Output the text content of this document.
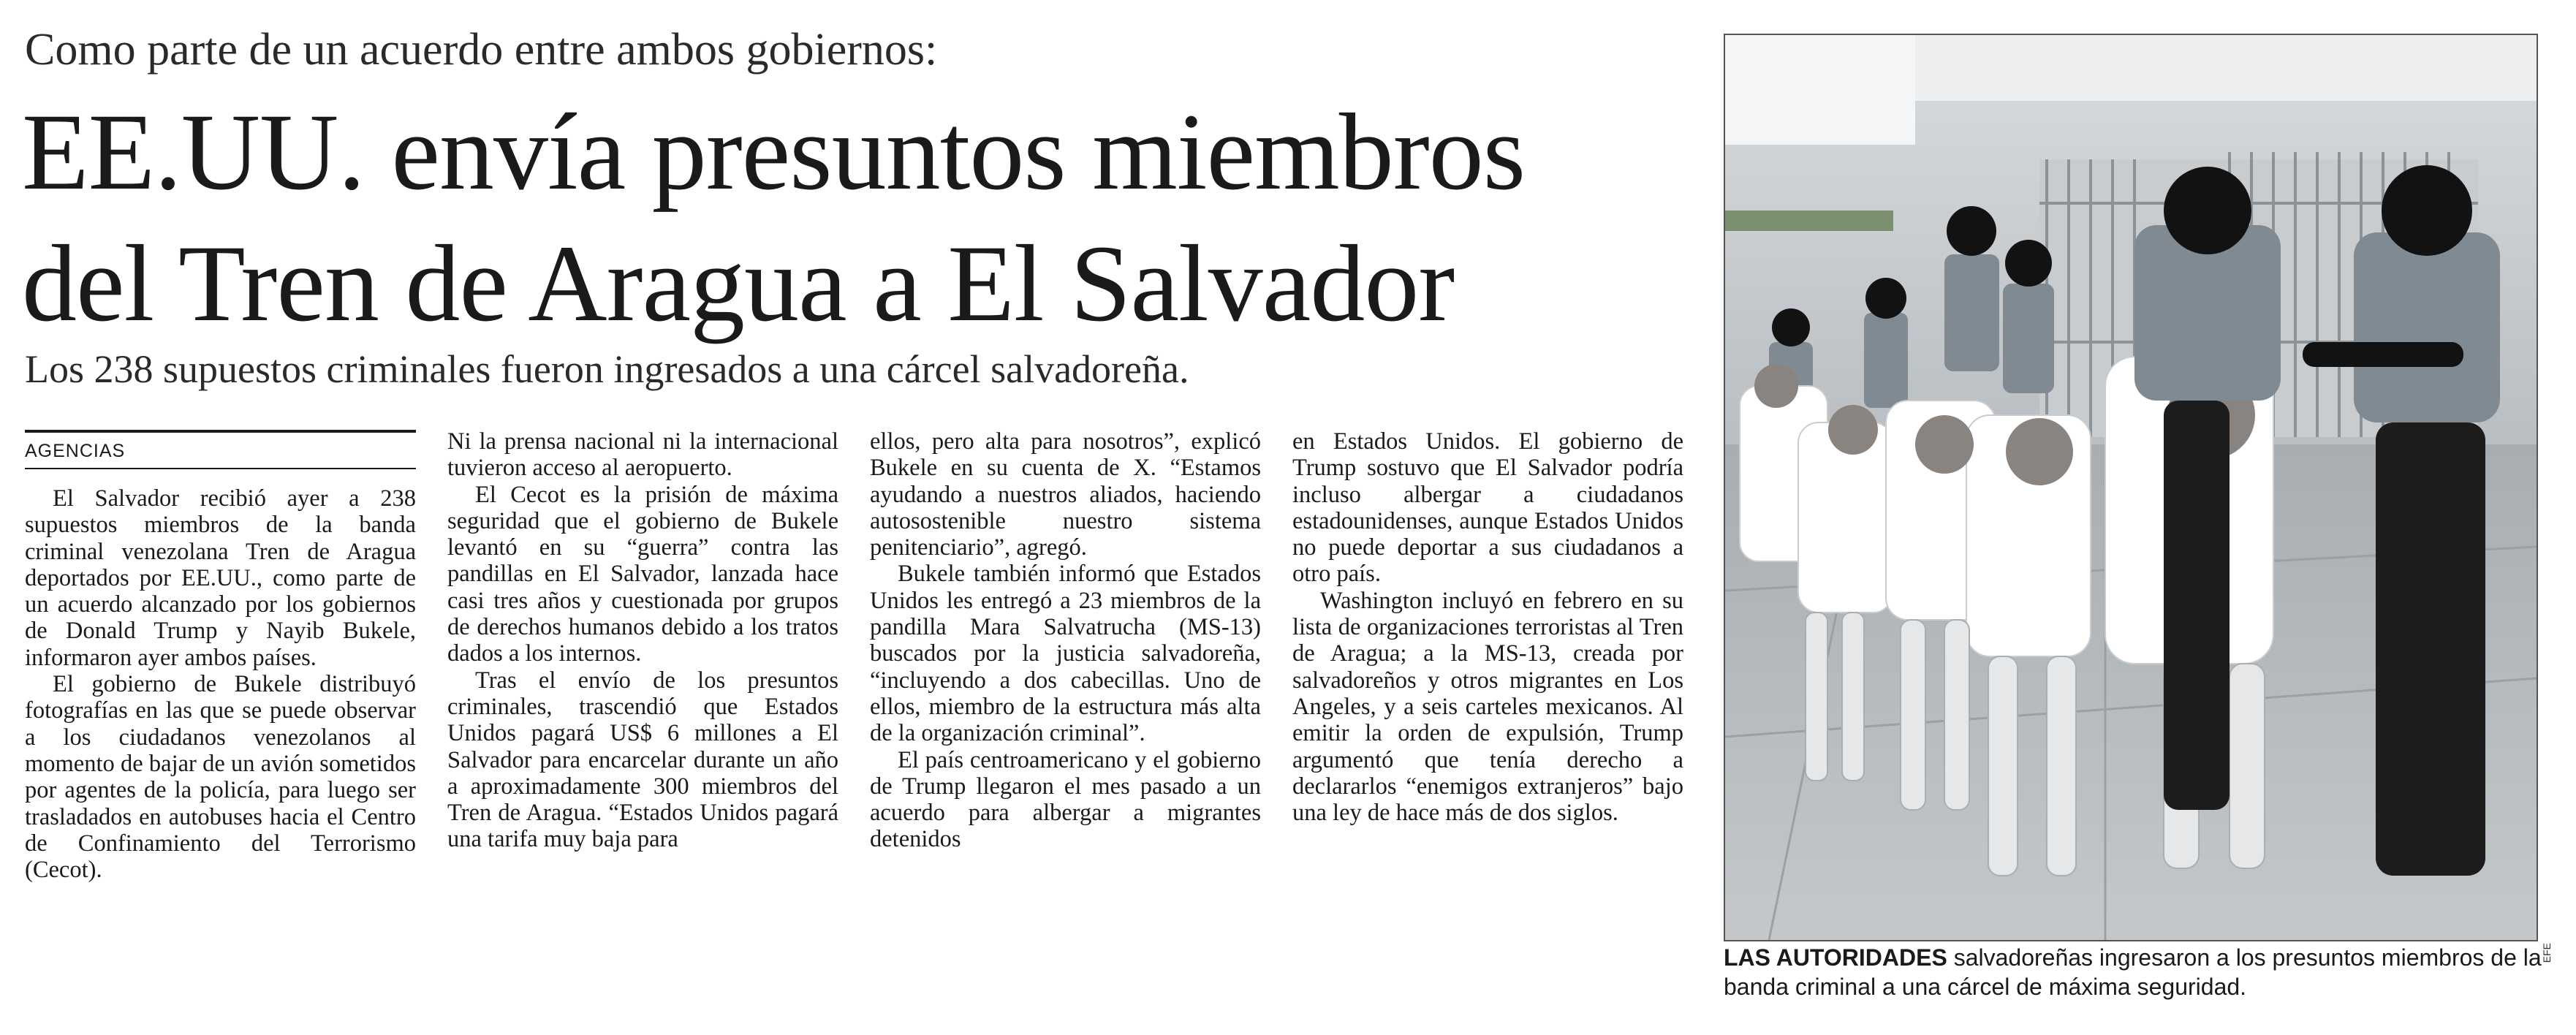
Como parte de un acuerdo entre ambos gobiernos:
EE.UU. envía presuntos miembros
del Tren de Aragua a El Salvador
Los 238 supuestos criminales fueron ingresados a una cárcel salvadoreña.
AGENCIAS

El Salvador recibió ayer a 238 supuestos miembros de la banda criminal venezolana Tren de Aragua deportados por EE.UU., como parte de un acuerdo alcanzado por los gobiernos de Donald Trump y Nayib Bukele, informaron ayer ambos países.

El gobierno de Bukele distribuyó fotografías en las que se puede observar a los ciudadanos venezolanos al momento de bajar de un avión sometidos por agentes de la policía, para luego ser trasladados en autobuses hacia el Centro de Confinamiento del Terrorismo (Cecot).

Ni la prensa nacional ni la internacional tuvieron acceso al aeropuerto.

El Cecot es la prisión de máxima seguridad que el gobierno de Bukele levantó en su “guerra” contra las pandillas en El Salvador, lanzada hace casi tres años y cuestionada por grupos de derechos humanos debido a los tratos dados a los internos.

Tras el envío de los presuntos criminales, trascendió que Estados Unidos pagará US$ 6 millones a El Salvador para encarcelar durante un año a aproximadamente 300 miembros del Tren de Aragua. “Estados Unidos pagará una tarifa muy baja para

ellos, pero alta para nosotros”, explicó Bukele en su cuenta de X. “Estamos ayudando a nuestros aliados, haciendo autosostenible nuestro sistema penitenciario”, agregó.

Bukele también informó que Estados Unidos les entregó a 23 miembros de la pandilla Mara Salvatrucha (MS-13) buscados por la justicia salvadoreña, “incluyendo a dos cabecillas. Uno de ellos, miembro de la estructura más alta de la organización criminal”.

El país centroamericano y el gobierno de Trump llegaron el mes pasado a un acuerdo para albergar a migrantes detenidos

en Estados Unidos. El gobierno de Trump sostuvo que El Salvador podría incluso albergar a ciudadanos estadounidenses, aunque Estados Unidos no puede deportar a sus ciudadanos a otro país.

Washington incluyó en febrero en su lista de organizaciones terroristas al Tren de Aragua; a la MS-13, creada por salvadoreños y otros migrantes en Los Angeles, y a seis carteles mexicanos. Al emitir la orden de expulsión, Trump argumentó que tenía derecho a declararlos “enemigos extranjeros” bajo una ley de hace más de dos siglos.

EFE
LAS AUTORIDADES salvadoreñas ingresaron a los presuntos miembros de la banda criminal a una cárcel de máxima seguridad.
